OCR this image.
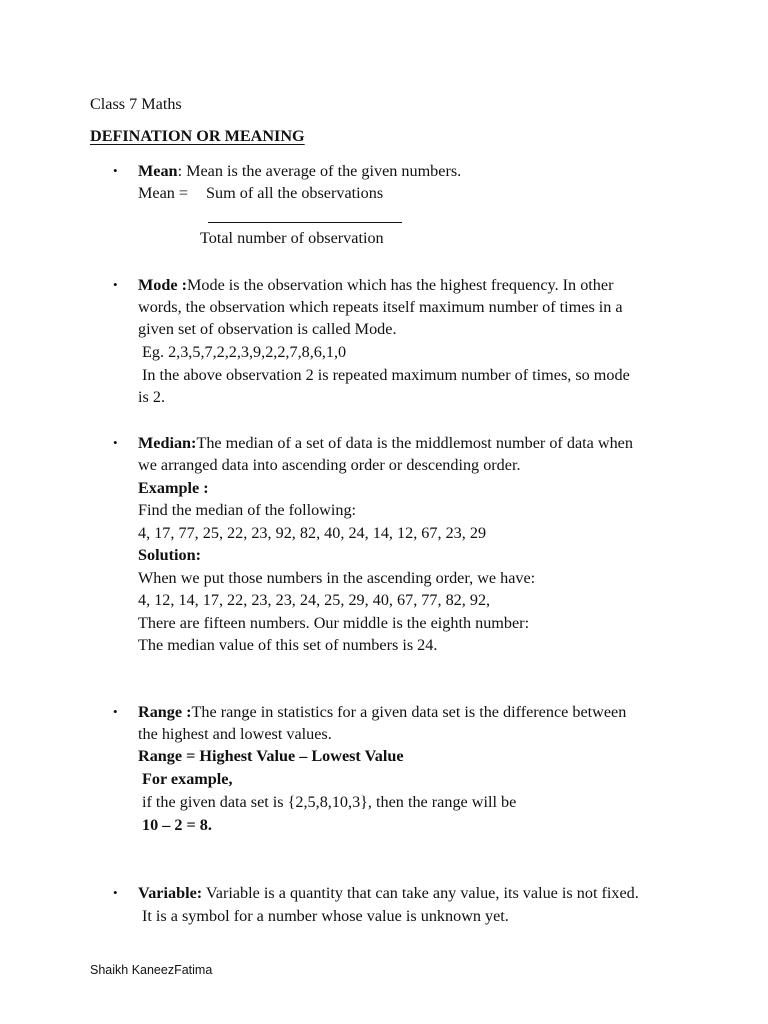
Class 7 Maths
DEFINATION OR MEANING
• Mean: Mean is the average of the given numbers.
Mean = Sum of all the observations
Total number of observation
• Mode :Mode is the observation which has the highest frequency. In other
words, the observation which repeats itself maximum number of times in a
given set of observation is called Mode.
Eg. 2,3,5,7,2,2,3,9,2,2,7,8,6,1,0
In the above observation 2 is repeated maximum number of times, so mode
is 2.
• Median:The median of a set of data is the middlemost number of data when
we arranged data into ascending order or descending order.
Example :
Find the median of the following:
4, 17, 77, 25, 22, 23, 92, 82, 40, 24, 14, 12, 67, 23, 29
Solution:
When we put those numbers in the ascending order, we have:
4, 12, 14, 17, 22, 23, 23, 24, 25, 29, 40, 67, 77, 82, 92,
There are fifteen numbers. Our middle is the eighth number:
The median value of this set of numbers is 24.
• Range :The range in statistics for a given data set is the difference between
the highest and lowest values.
Range = Highest Value – Lowest Value
For example,
if the given data set is {2,5,8,10,3}, then the range will be
10 – 2 = 8.
• Variable: Variable is a quantity that can take any value, its value is not fixed.
It is a symbol for a number whose value is unknown yet.
Shaikh KaneezFatima
